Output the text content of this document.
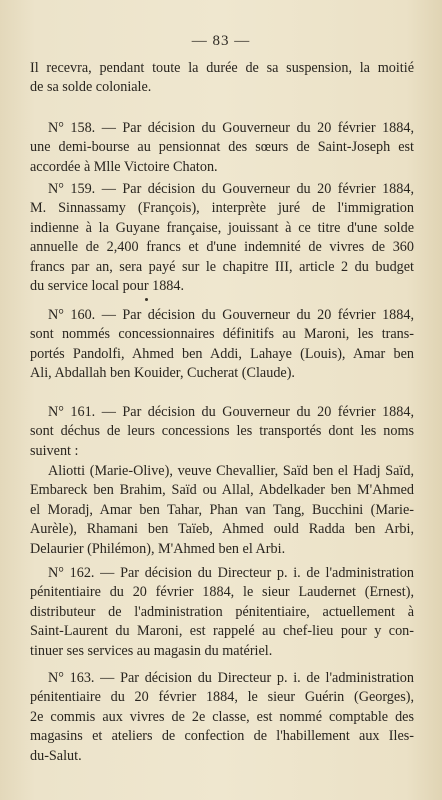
— 83 —
Il recevra, pendant toute la durée de sa suspension, la moitié
de sa solde coloniale.
N° 158. — Par décision du Gouverneur du 20 février 1884,
une demi-bourse au pensionnat des sœurs de Saint-Joseph est
accordée à Mlle Victoire Chaton.
N° 159. — Par décision du Gouverneur du 20 février 1884,
M. Sinnassamy (François), interprète juré de l'immigration
indienne à la Guyane française, jouissant à ce titre d'une solde
annuelle de 2,400 francs et d'une indemnité de vivres de 360
francs par an, sera payé sur le chapitre III, article 2 du budget
du service local pour 1884.
N° 160. — Par décision du Gouverneur du 20 février 1884,
sont nommés concessionnaires définitifs au Maroni, les trans-
portés Pandolfi, Ahmed ben Addi, Lahaye (Louis), Amar ben
Ali, Abdallah ben Kouider, Cucherat (Claude).
N° 161. — Par décision du Gouverneur du 20 février 1884,
sont déchus de leurs concessions les transportés dont les noms
suivent :
Aliotti (Marie-Olive), veuve Chevallier, Saïd ben el Hadj Saïd,
Embareck ben Brahim, Saïd ou Allal, Abdelkader ben M'Ahmed
el Moradj, Amar ben Tahar, Phan van Tang, Bucchini (Marie-
Aurèle), Rhamani ben Taïeb, Ahmed ould Radda ben Arbi,
Delaurier (Philémon), M'Ahmed ben el Arbi.
N° 162. — Par décision du Directeur p. i. de l'administration
pénitentiaire du 20 février 1884, le sieur Laudernet (Ernest),
distributeur de l'administration pénitentiaire, actuellement à
Saint-Laurent du Maroni, est rappelé au chef-lieu pour y con-
tinuer ses services au magasin du matériel.
N° 163. — Par décision du Directeur p. i. de l'administration
pénitentiaire du 20 février 1884, le sieur Guérin (Georges),
2e commis aux vivres de 2e classe, est nommé comptable des
magasins et ateliers de confection de l'habillement aux Iles-
du-Salut.
